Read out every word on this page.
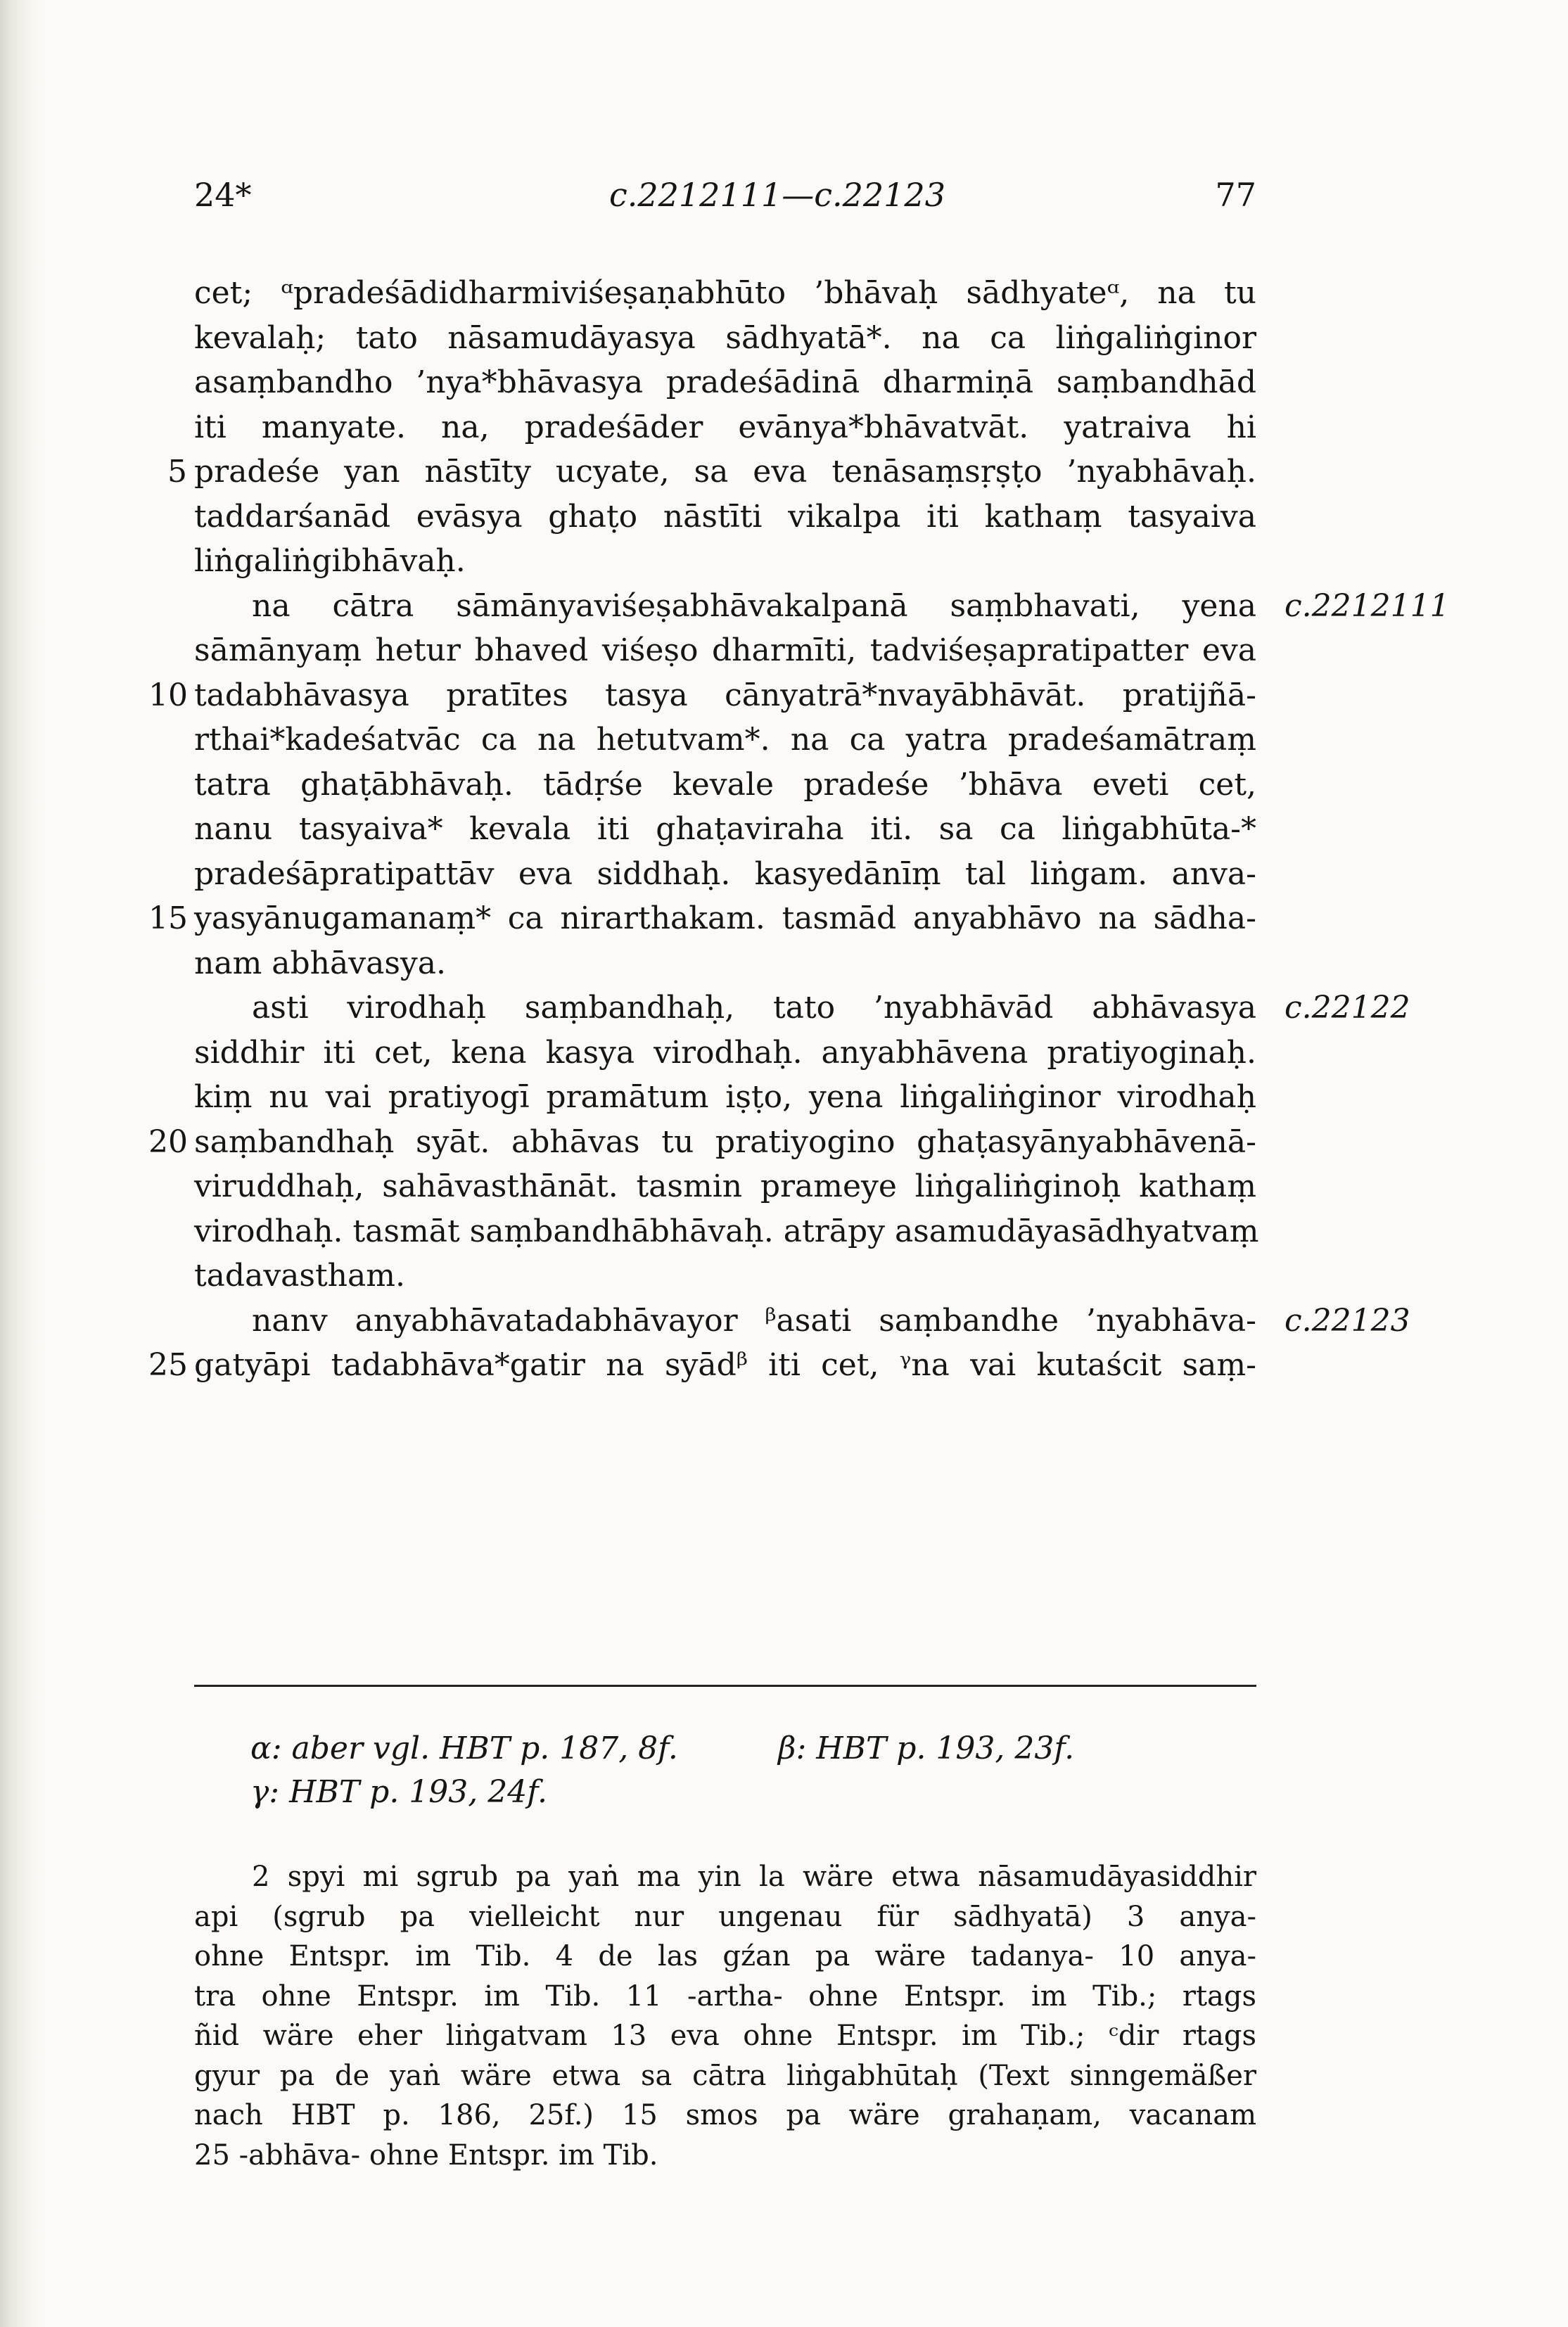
24*	c.2212111—c.22123	77
cet; ᵅpradeśādidharmiviśeṣaṇabhūto ’bhāvaḥ sādhyateᵅ, na tu
kevalaḥ; tato nāsamudāyasya sādhyatā*. na ca liṅgaliṅginor
asaṃbandho ’nya*bhāvasya pradeśādinā dharmiṇā saṃbandhād
iti manyate. na, pradeśāder evānya*bhāvatvāt. yatraiva hi
5 pradeśe yan nāstīty ucyate, sa eva tenāsaṃsṛṣṭo ’nyabhāvaḥ.
taddarśanād evāsya ghaṭo nāstīti vikalpa iti kathaṃ tasyaiva
liṅgaliṅgibhāvaḥ.
na cātra sāmānyaviśeṣabhāvakalpanā saṃbhavati, yena c.2212111
sāmānyaṃ hetur bhaved viśeṣo dharmīti, tadviśeṣapratipatter eva
10 tadabhāvasya pratītes tasya cānyatrā*nvayābhāvāt. pratijñā-
rthai*kadeśatvāc ca na hetutvam*. na ca yatra pradeśamātraṃ
tatra ghaṭābhāvaḥ. tādṛśe kevale pradeśe ’bhāva eveti cet,
nanu tasyaiva* kevala iti ghaṭaviraha iti. sa ca liṅgabhūta-*
pradeśāpratipattāv eva siddhaḥ. kasyedānīṃ tal liṅgam. anva-
15 yasyānugamanaṃ* ca nirarthakam. tasmād anyabhāvo na sādha-
nam abhāvasya.
asti virodhaḥ saṃbandhaḥ, tato ’nyabhāvād abhāvasya c.22122
siddhir iti cet, kena kasya virodhaḥ. anyabhāvena pratiyoginaḥ.
kiṃ nu vai pratiyogī pramātum iṣṭo, yena liṅgaliṅginor virodhaḥ
20 saṃbandhaḥ syāt. abhāvas tu pratiyogino ghaṭasyānyabhāvenā-
viruddhaḥ, sahāvasthānāt. tasmin prameye liṅgaliṅginoḥ kathaṃ
virodhaḥ. tasmāt saṃbandhābhāvaḥ. atrāpy asamudāyasādhyatvaṃ
tadavastham.
nanv anyabhāvatadabhāvayor ᵝasati saṃbandhe ’nyabhāva- c.22123
25 gatyāpi tadabhāva*gatir na syādᵝ iti cet, ᵞna vai kutaścit saṃ-
α: aber vgl. HBT p. 187, 8f.	β: HBT p. 193, 23f.
γ: HBT p. 193, 24f.
2 spyi mi sgrub pa yaṅ ma yin la wäre etwa nāsamudāyasiddhir
api (sgrub pa vielleicht nur ungenau für sādhyatā) 3 anya-
ohne Entspr. im Tib. 4 de las gźan pa wäre tadanya- 10 anya-
tra ohne Entspr. im Tib. 11 -artha- ohne Entspr. im Tib.; rtags
ñid wäre eher liṅgatvam 13 eva ohne Entspr. im Tib.; ᶜdir rtags
gyur pa de yaṅ wäre etwa sa cātra liṅgabhūtaḥ (Text sinngemäßer
nach HBT p. 186, 25f.) 15 smos pa wäre grahaṇam, vacanam
25 -abhāva- ohne Entspr. im Tib.
